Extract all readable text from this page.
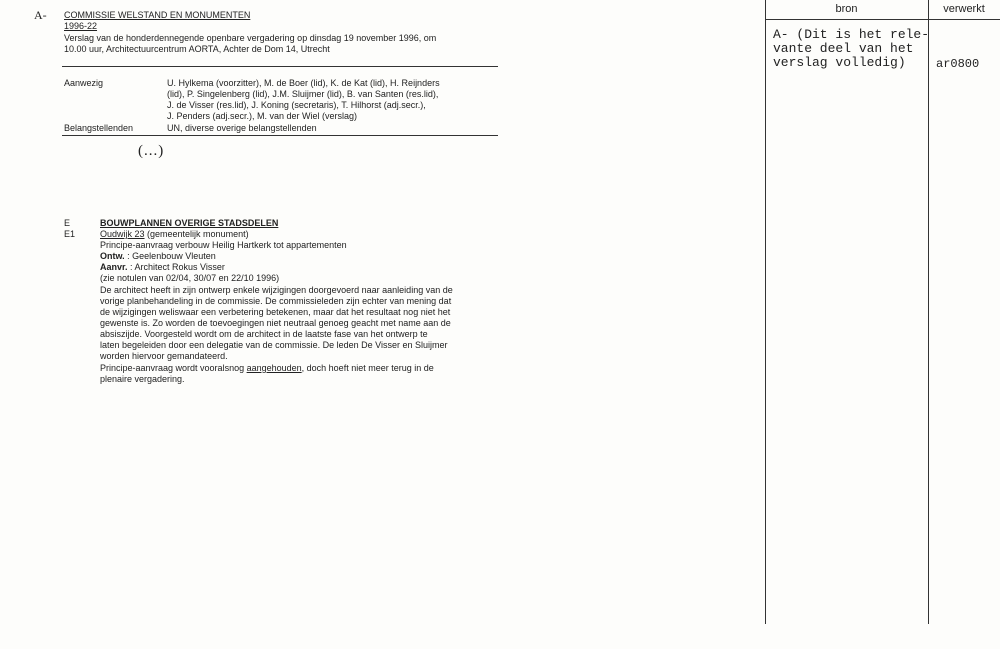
A- COMMISSIE WELSTAND EN MONUMENTEN
1996-22
Verslag van de honderdennegende openbare vergadering op dinsdag 19 november 1996, om
10.00 uur, Architectuurcentrum AORTA, Achter de Dom 14, Utrecht
Aanwezig	U. Hylkema (voorzitter), M. de Boer (lid), K. de Kat (lid), H. Reijnders
(lid), P. Singelenberg (lid), J.M. Sluijmer (lid), B. van Santen (res.lid),
J. de Visser (res.lid), J. Koning (secretaris), T. Hilhorst (adj.secr.),
J. Penders (adj.secr.), M. van der Wiel (verslag)
Belangstellenden	UN, diverse overige belangstellenden
(...)
E	BOUWPLANNEN OVERIGE STADSDELEN
E1	Oudwijk 23 (gemeentelijk monument)
Principe-aanvraag verbouw Heilig Hartkerk tot appartementen
Ontw. : Geelenbouw Vleuten
Aanvr. : Architect Rokus Visser
(zie notulen van 02/04, 30/07 en 22/10 1996)
De architect heeft in zijn ontwerp enkele wijzigingen doorgevoerd naar aanleiding van de
vorige planbehandeling in de commissie. De commissieleden zijn echter van mening dat
de wijzigingen weliswaar een verbetering betekenen, maar dat het resultaat nog niet het
gewenste is. Zo worden de toevoegingen niet neutraal genoeg geacht met name aan de
absiszijde. Voorgesteld wordt om de architect in de laatste fase van het ontwerp te
laten begeleiden door een delegatie van de commissie. De leden De Visser en Sluijmer
worden hiervoor gemandateerd.
Principe-aanvraag wordt vooralsnog aangehouden, doch hoeft niet meer terug in de
plenaire vergadering.
bron	verwerkt
A- (Dit is het rele-
vante deel van het
verslag volledig)	ar0800
